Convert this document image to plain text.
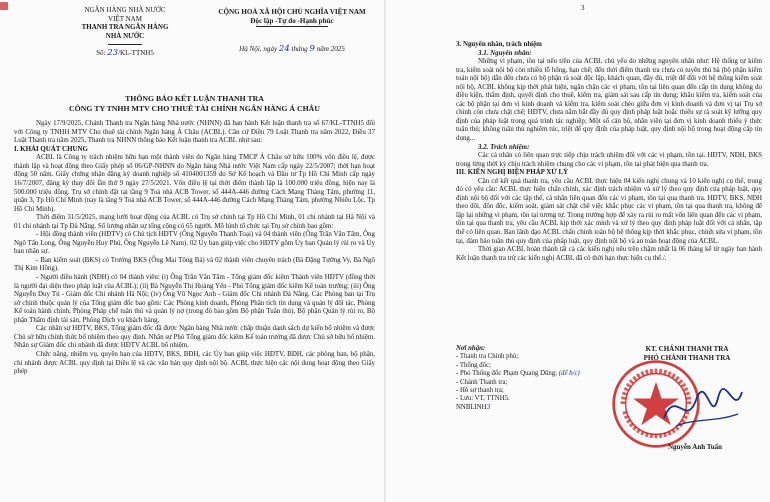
NGÂN HÀNG NHÀ NƯỚC
VIỆT NAM
THANH TRA NGÂN HÀNG
NHÀ NƯỚC
Số: 23/KL-TTNH5
CỘNG HOÀ XÃ HỘI CHỦ NGHĨA VIỆT NAM
Độc lập -Tự do -Hạnh phúc
Hà Nội, ngày 24 tháng 9 năm 2025
THÔNG BÁO KẾT LUẬN THANH TRA
CÔNG TY TNHH MTV CHO THUÊ TÀI CHÍNH NGÂN HÀNG Á CHÂU

Ngày 17/9/2025, Chánh Thanh tra Ngân hàng Nhà nước (NHNN) đã ban hành Kết luận thanh tra số 67/KL-TTNH5 đối với Công ty TNHH MTV Cho thuê tài chính Ngân hàng Á Châu (ACBL). Căn cứ Điều 79 Luật Thanh tra năm 2022, Điều 37 Luật Thanh tra năm 2025, Thanh tra NHNN thông báo Kết luận thanh tra ACBL như sau:

I. KHÁI QUÁT CHUNG

ACBL là Công ty trách nhiệm hữu hạn một thành viên do Ngân hàng TMCP Á Châu sở hữu 100% vốn điều lệ, được thành lập và hoạt động theo Giấy phép số 06/GP-NHNN do Ngân hàng Nhà nước Việt Nam cấp ngày 22/5/2007; thời hạn hoạt động 50 năm. Giấy chứng nhận đăng ký doanh nghiệp số 4104001359 do Sở Kế hoạch và Đầu tư Tp Hồ Chí Minh cấp ngày 16/7/2007, đăng ký thay đổi lần thứ 9 ngày 27/5/2021. Vốn điều lệ tại thời điểm thành lập là 100.000 triệu đồng, hiện nay là 500.000 triệu đồng. Trụ sở chính đặt tại tầng 9 Toà nhà ACB Tower, số 444A-446 đường Cách Mạng Tháng Tám, phường 11, quận 3, Tp Hồ Chí Minh (nay là tầng 9 Toà nhà ACB Tower, số 444A-446 đường Cách Mạng Tháng Tám, phường Nhiêu Lộc, Tp Hồ Chí Minh).

Thời điểm 31/5/2025, mạng lưới hoạt động của ACBL có Trụ sở chính tại Tp Hồ Chí Minh, 01 chi nhánh tại Hà Nội và 01 chi nhánh tại Tp Đà Nẵng. Số lượng nhân sự tổng cộng có 65 người. Mô hình tổ chức tại Trụ sở chính bao gồm:

- Hội đồng thành viên (HĐTV) có Chủ tịch HĐTV (Ông Nguyễn Thanh Toại) và 04 thành viên (Ông Trần Văn Tâm, Ông Ngô Tấn Long, Ông Nguyễn Huy Phú, Ông Nguyễn Lê Nam). 02 Ủy ban giúp việc cho HĐTV gồm Ủy ban Quản lý rủi ro và Ủy ban nhân sự.

- Ban kiểm soát (BKS) có Trưởng BKS (Ông Mai Tông Bá) và 02 thành viên chuyên trách (Bà Đặng Tường Vy, Bà Ngô Thị Kim Hồng).

- Người điều hành (NĐH) có 04 thành viên: (i) Ông Trần Văn Tâm - Tổng giám đốc kiêm Thành viên HĐTV (đồng thời là người đại diện theo pháp luật của ACBL); (ii) Bà Nguyễn Thị Hoàng Yến - Phó Tổng giám đốc kiêm Kế toán trưởng; (iii) Ông Nguyễn Duy Tú - Giám đốc Chi nhánh Hà Nội; (iv) Ông Vũ Ngọc Anh - Giám đốc Chi nhánh Đà Nẵng. Các Phòng ban tại Trụ sở chính thuộc quản lý của Tổng giám đốc bao gồm: Các Phòng kinh doanh, Phòng Phân tích tín dụng và quản lý đối tác, Phòng Kế toán hành chính, Phòng Pháp chế tuân thủ và quản lý nợ (trong đó bao gồm Bộ phận Tuân thủ), Bộ phận Quản lý rủi ro, Bộ phận Thẩm định tài sản, Phòng Dịch vụ khách hàng.

Các nhân sự HĐTV, BKS, Tổng giám đốc đã được Ngân hàng Nhà nước chấp thuận danh sách dự kiến bổ nhiệm và được Chủ sở hữu chính thức bổ nhiệm theo quy định. Nhân sự Phó Tổng giám đốc kiêm Kế toán trưởng đã được Chủ sở hữu bổ nhiệm. Nhân sự Giám đốc chi nhánh đã được HĐTV ACBL bổ nhiệm.

Chức năng, nhiệm vụ, quyền hạn của HĐTV, BKS, BĐH, các Ủy ban giúp việc HĐTV, BĐH, các phòng ban, bộ phận, chi nhánh được ACBL quy định tại Điều lệ và các văn bản quy định nội bộ. ACBL thực hiện các nội dung hoạt động theo Giấy phép

3

3. Nguyên nhân, trách nhiệm

3.1. Nguyên nhân:

Những vi phạm, tồn tại nêu trên của ACBL chủ yếu do những nguyên nhân như: Hệ thống tự kiểm tra, kiểm soát nội bộ còn nhiều lỗ hổng, hạn chế; đến thời điểm thanh tra chưa có tuyên thủ bà (bộ phận kiểm toán nội bộ) dẫn đến chưa có bộ phận rà soát độc lập, khách quan, đầy đủ, triệt để đối với hệ thống kiểm soát nội bộ, ACBL không kịp thời phát hiện, ngăn chặn các vi phạm, tồn tại liên quan đến cấp tín dụng không do điều kiện, thẩm định, quyết định cho thuê, kiểm tra, giám sát sau cấp tín dụng; khâu kiểm tra, kiểm soát của các bộ phận tại đơn vị kinh doanh và kiểm tra, kiểm soát chéo giữa đơn vị kinh doanh và đơn vị tại Trụ sở chính còn chưa chặt chẽ; HĐTV, chưa nắm bắt đầy đủ quy định pháp luật hoặc thiếu sự rà soát kỹ lưỡng quy định của pháp luật trong quá trình tác nghiệp; Một số cán bộ, nhân viên tại đơn vị kinh doanh thiếu ý thức tuân thủ; không tuân thủ nghiêm túc, triệt để quy định của pháp luật, quy định nội bộ trong hoạt động cấp tín dụng...

3.2. Trách nhiệm:

Các cá nhân có liên quan trực tiếp chịu trách nhiệm đối với các vi phạm, tồn tại. HĐTV, NĐH, BKS trong từng thời kỳ chịu trách nhiệm chung cho các vi phạm, tồn tại phát hiện qua thanh tra.

III. KIẾN NGHỊ BIỆN PHÁP XỬ LÝ

Căn cứ kết quả thanh tra, yêu cầu ACBL thực hiện 04 kiến nghị chung và 10 kiến nghị cụ thể, trong đó có yêu cầu: ACBL thực hiện chấn chỉnh, xác định trách nhiệm và xử lý theo quy định của pháp luật, quy định nội bộ đối với các tập thể, cá nhân liên quan đến các vi phạm, tồn tại qua thanh tra. HĐTV, BKS, NĐH theo dõi, đôn đốc, kiểm soát, giám sát chặt chẽ việc khắc phục các vi phạm, tồn tại qua thanh tra, không để lặp lại những vi phạm, tồn tại tương tự. Trong trường hợp để xảy ra rủi ro mất vốn liên quan đến các vi phạm, tồn tại qua thanh tra, yêu cầu ACBL kịp thời xác minh và xử lý theo quy định pháp luật đối với cá nhân, tập thể có liên quan. Ban lãnh đạo ACBL chấn chỉnh toàn bộ hệ thống kịp thời khắc phục, chỉnh sửa vi phạm, tồn tại, đảm bảo tuân thủ quy định của pháp luật, quy định nội bộ và an toàn hoạt động của ACBL.

Thời gian ACBL hoàn thành tất cả các kiến nghị nêu trên chậm nhất là 06 tháng kể từ ngày ban hành Kết luận thanh tra trừ các kiến nghị ACBL đã có thời hạn thực hiện cụ thể./.

Nơi nhận:
- Thanh tra Chính phủ;
- Thống đốc;
- Phó Thống đốc Phạm Quang Dũng; (để b/c)
- Chánh Thanh tra;
- Hồ sơ thanh tra;
- Lưu: VT, TTNH5.
NNBLINH3
KT. CHÁNH THANH TRA
PHÓ CHÁNH THANH TRA
Nguyễn Anh Tuấn
